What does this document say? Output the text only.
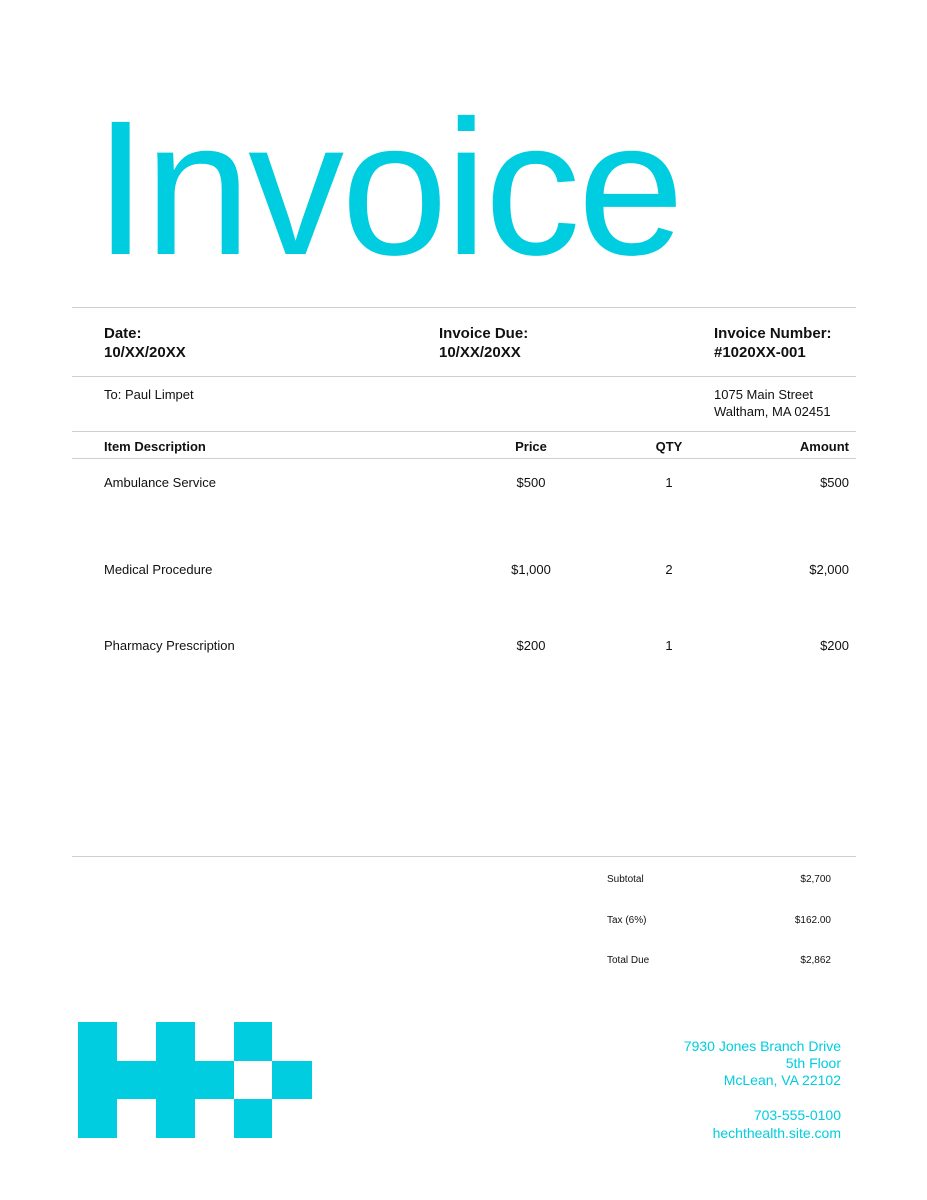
Invoice
Date:
10/XX/20XX
Invoice Due:
10/XX/20XX
Invoice Number:
#1020XX-001
To: Paul Limpet	1075 Main Street
Waltham, MA 02451
Item Description	Price	QTY	Amount
Ambulance Service	$500	1	$500
Medical Procedure	$1,000	2	$2,000
Pharmacy Prescription	$200	1	$200
Subtotal	$2,700
Tax (6%)	$162.00
Total Due	$2,862
7930 Jones Branch Drive
5th Floor
McLean, VA 22102
703-555-0100
hechthealth.site.com
